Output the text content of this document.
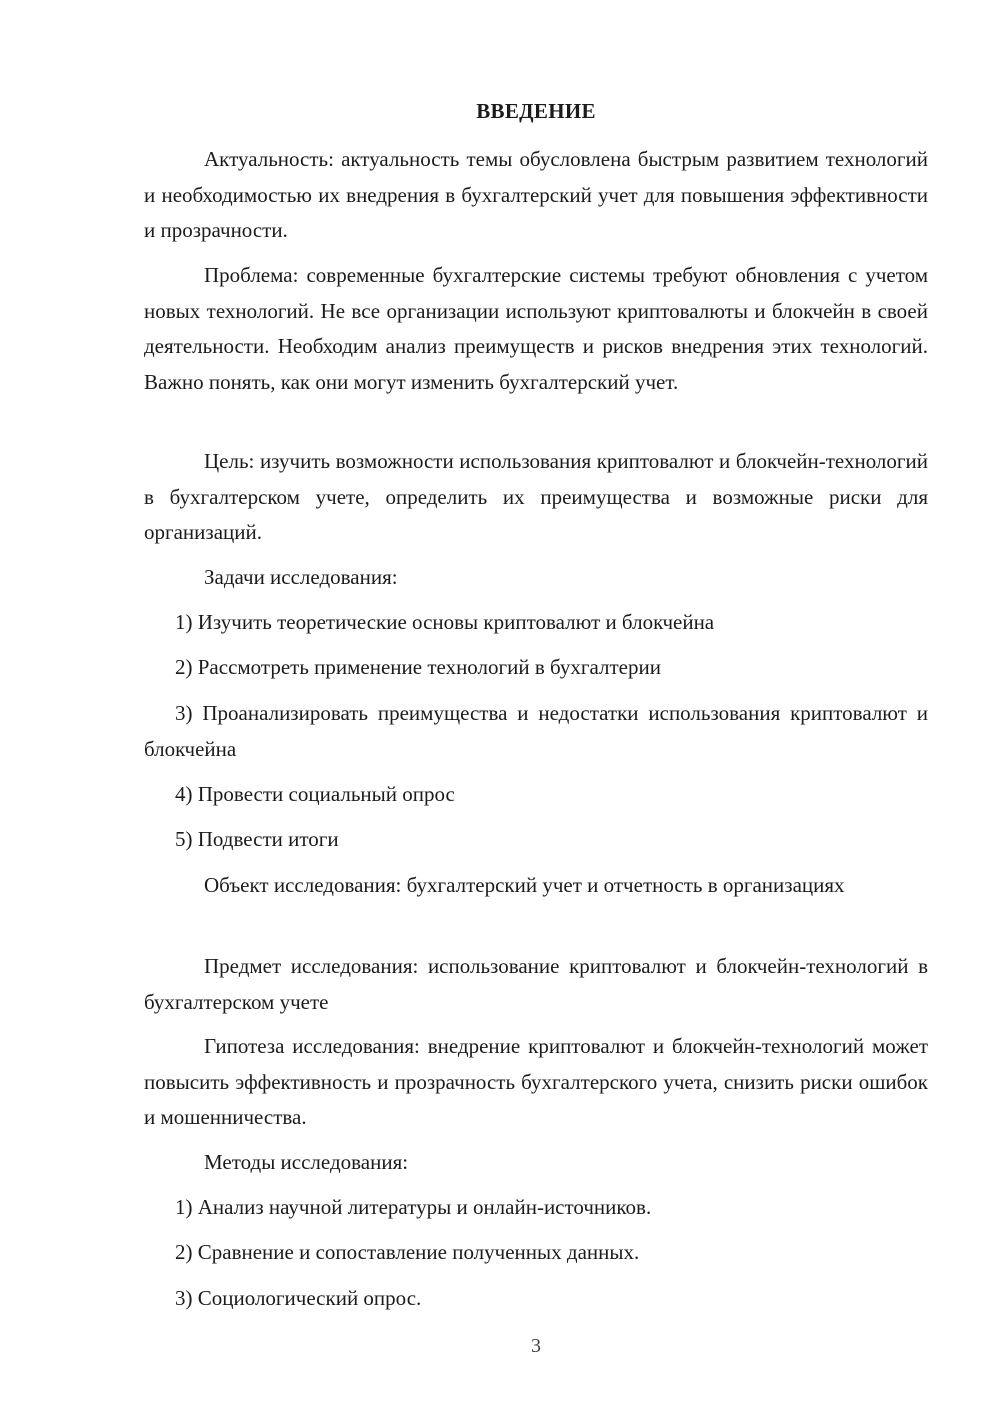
ВВЕДЕНИЕ
Актуальность: актуальность темы обусловлена быстрым развитием технологий и необходимостью их внедрения в бухгалтерский учет для повышения эффективности и прозрачности.
Проблема: современные бухгалтерские системы требуют обновления с учетом новых технологий. Не все организации используют криптовалюты и блокчейн в своей деятельности. Необходим анализ преимуществ и рисков внедрения этих технологий. Важно понять, как они могут изменить бухгалтерский учет.
Цель: изучить возможности использования криптовалют и блокчейн-технологий в бухгалтерском учете, определить их преимущества и возможные риски для организаций.
Задачи исследования:
1) Изучить теоретические основы криптовалют и блокчейна
2) Рассмотреть применение технологий в бухгалтерии
3) Проанализировать преимущества и недостатки использования криптовалют и блокчейна
4) Провести социальный опрос
5) Подвести итоги
Объект исследования: бухгалтерский учет и отчетность в организациях
Предмет исследования: использование криптовалют и блокчейн-технологий в бухгалтерском учете
Гипотеза исследования: внедрение криптовалют и блокчейн-технологий может повысить эффективность и прозрачность бухгалтерского учета, снизить риски ошибок и мошенничества.
Методы исследования:
1) Анализ научной литературы и онлайн-источников.
2) Сравнение и сопоставление полученных данных.
3) Социологический опрос.
3
